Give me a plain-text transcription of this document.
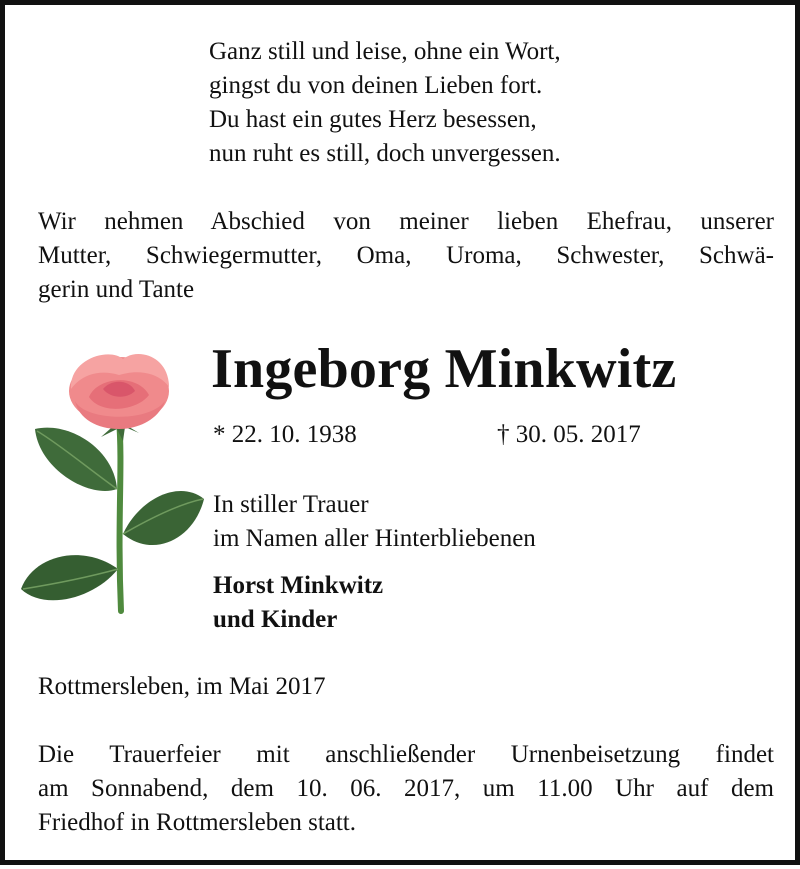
Ganz still und leise, ohne ein Wort,
gingst du von deinen Lieben fort.
Du hast ein gutes Herz besessen,
nun ruht es still, doch unvergessen.
Wir nehmen Abschied von meiner lieben Ehefrau, unserer
Mutter, Schwiegermutter, Oma, Uroma, Schwester, Schwä-
gerin und Tante
Ingeborg Minkwitz
* 22. 10. 1938	† 30. 05. 2017
In stiller Trauer
im Namen aller Hinterbliebenen
Horst Minkwitz
und Kinder
Rottmersleben, im Mai 2017
Die Trauerfeier mit anschließender Urnenbeisetzung findet
am Sonnabend, dem 10. 06. 2017, um 11.00 Uhr auf dem
Friedhof in Rottmersleben statt.
